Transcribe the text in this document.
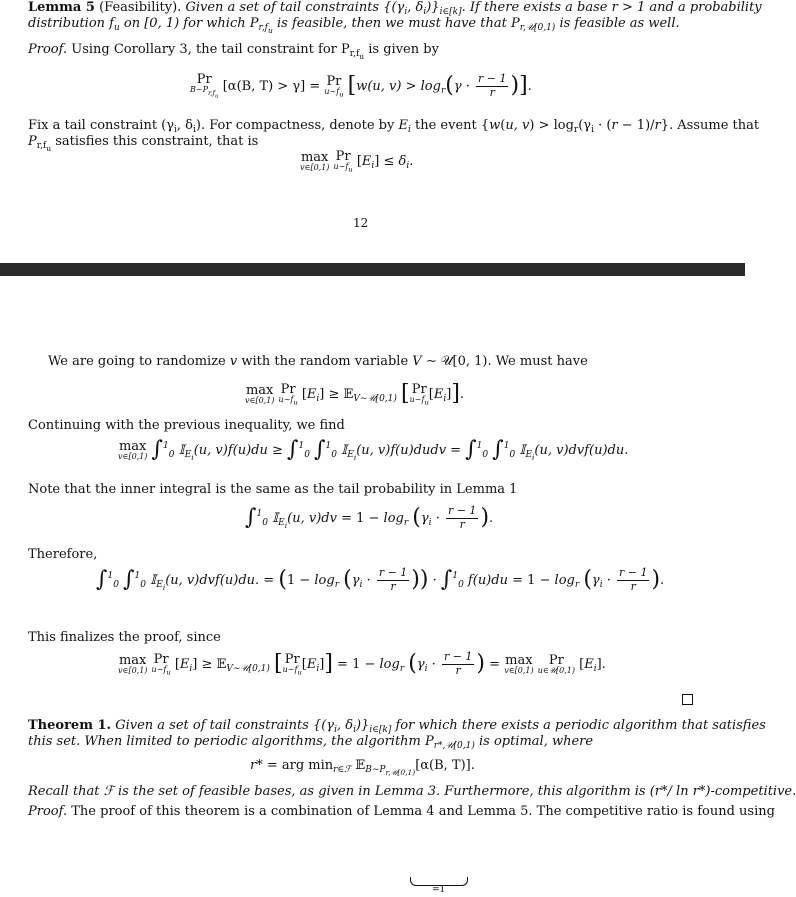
Lemma 5 (Feasibility). Given a set of tail constraints {($\gamma_i$, $\delta_i)\}_{i\in[k]}$. If there exists a base r > 1 and a probability
distribution $f_u$ on [0, 1) for which $P_{r,f_u}$ is feasible, then we must have that $P_{r,𝒰[0,1)}$ is feasible as well.
Proof. Using Corollary 3, the tail constraint for $P_{r,f_u}$ is given by
Pr
$B\sim P_{r,f_u}$
[α(B, T) > γ] = Pr
$u\sim f_u$ [w(u, $v) > \log_r(\gamma \cdot \frac{r - 1}{r}$ )].
Fix a tail constraint ($\gamma_i$, $\delta_i$). For compactness, denote by $E_i$ the event {w(u, $v) > \log_r(\gamma_i \cdot (r - 1)/r\}$. Assume that
$P_{r,f_u}$ satisfies this constraint, that is
max
v∈[0,1)

Pr
$u\sim f_u$
$[E_i] \le \delta_i$.
12
We are going to randomize v with the random variable V ∼ 𝒰[0, 1). We must have
max
v∈[0,1)

Pr
$u\sim f_u$
$[E_i]$ ≥ 𝔼$_{V\sim 𝒰[0,1)}$ [ Pr
$u\sim f_u$
$[E_i]$].
Continuing with the previous inequality, we find
max
v∈[0,1) ∫$^1_0$ 𝕀$_{E_i}$(u, v)f(u)du ≥ ∫$^1_0$ ∫$^1_0$ 𝕀$_{E_i}$(u, v)f(u)dudv = ∫$^1_0$ ∫$^1_0$ 𝕀$_{E_i}$(u, v)dvf(u)du.
Note that the inner integral is the same as the tail probability in Lemma 1
∫$^1_0$ 𝕀$_{E_i}$(u, $v)dv = 1 - \log_r (\gamma_i \cdot \frac{r - 1}{r}$ ).
Therefore,
∫$^1_0$ ∫$^1_0$ 𝕀$_{E_i}$(u, v)dvf(u)du. = ($1 - \log_r (\gamma_i \cdot \frac{r - 1}{r}$ )) · ∫$^1_0$ $f(u)du = 1 - \log_r (\gamma_i \cdot \frac{r - 1}{r}$ ).
=1
This finalizes the proof, since
max
v∈[0,1)

Pr
$u\sim f_u$
$[E_i]$ ≥ 𝔼$_{V\sim 𝒰[0,1)}$ [ Pr
$u\sim f_u$
$[E_i]] = 1 - \log_r (\gamma_i \cdot \frac{r - 1}{r}$ ) = max
v∈[0,1)

Pr
u∈𝒰[0,1) $[E_i]$.
Theorem 1. Given a set of tail constraints {($\gamma_i$, $\delta_i)\}_{i\in[k]}$ for which there exists a periodic algorithm that satisfies
this set. When limited to periodic algorithms, the algorithm $P_{r*,𝒰[0,1)}$ is optimal, where
r* = arg $\min_{r\in ℱ}$ 𝔼$_{B\sim P_{r,𝒰[0,1)}}$[α(B, T)].
Recall that ℱ is the set of feasible bases, as given in Lemma 3. Furthermore, this algorithm is (r*/ ln r*)-competitive.
Proof. The proof of this theorem is a combination of Lemma 4 and Lemma 5. The competitive ratio is found using
